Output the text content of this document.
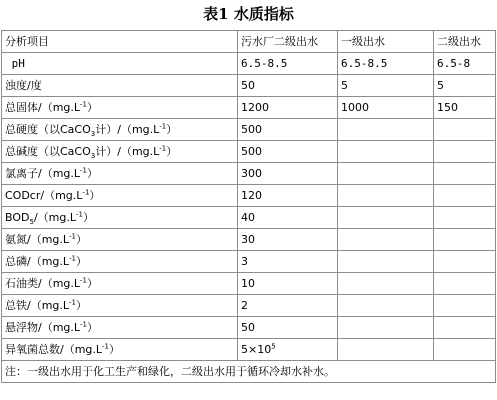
表1 水质指标
分析项目	污水厂二级出水	一级出水	二级出水
pH	6.5-8.5	6.5-8.5	6.5-8
浊度/度	50	5	5
总固体$/(mg.L^{-1})$	1200	1000	150
总硬度（以CaCO$_3$计）$/(mg.L^{-1})$	500		
总碱度（以CaCO$_3$计）$/(mg.L^{-1})$	500		
氯离子$/(mg.L^{-1})$	300		
CODcr/$(mg.L^{-1})$	120		
$BOD_5/(mg.L^{-1})$	40		
氨氮$/(mg.L^{-1})$	30		
总磷$/(mg.L^{-1})$	3		
石油类$/(mg.L^{-1})$	10		
总铁$/(mg.L^{-1})$	2		
悬浮物$/(mg.L^{-1})$	50		
异氧菌总数$/(mg.L^{-1})$	$5\times 10^5$		
注：一级出水用于化工生产和绿化，二级出水用于循环冷却水补水。			
